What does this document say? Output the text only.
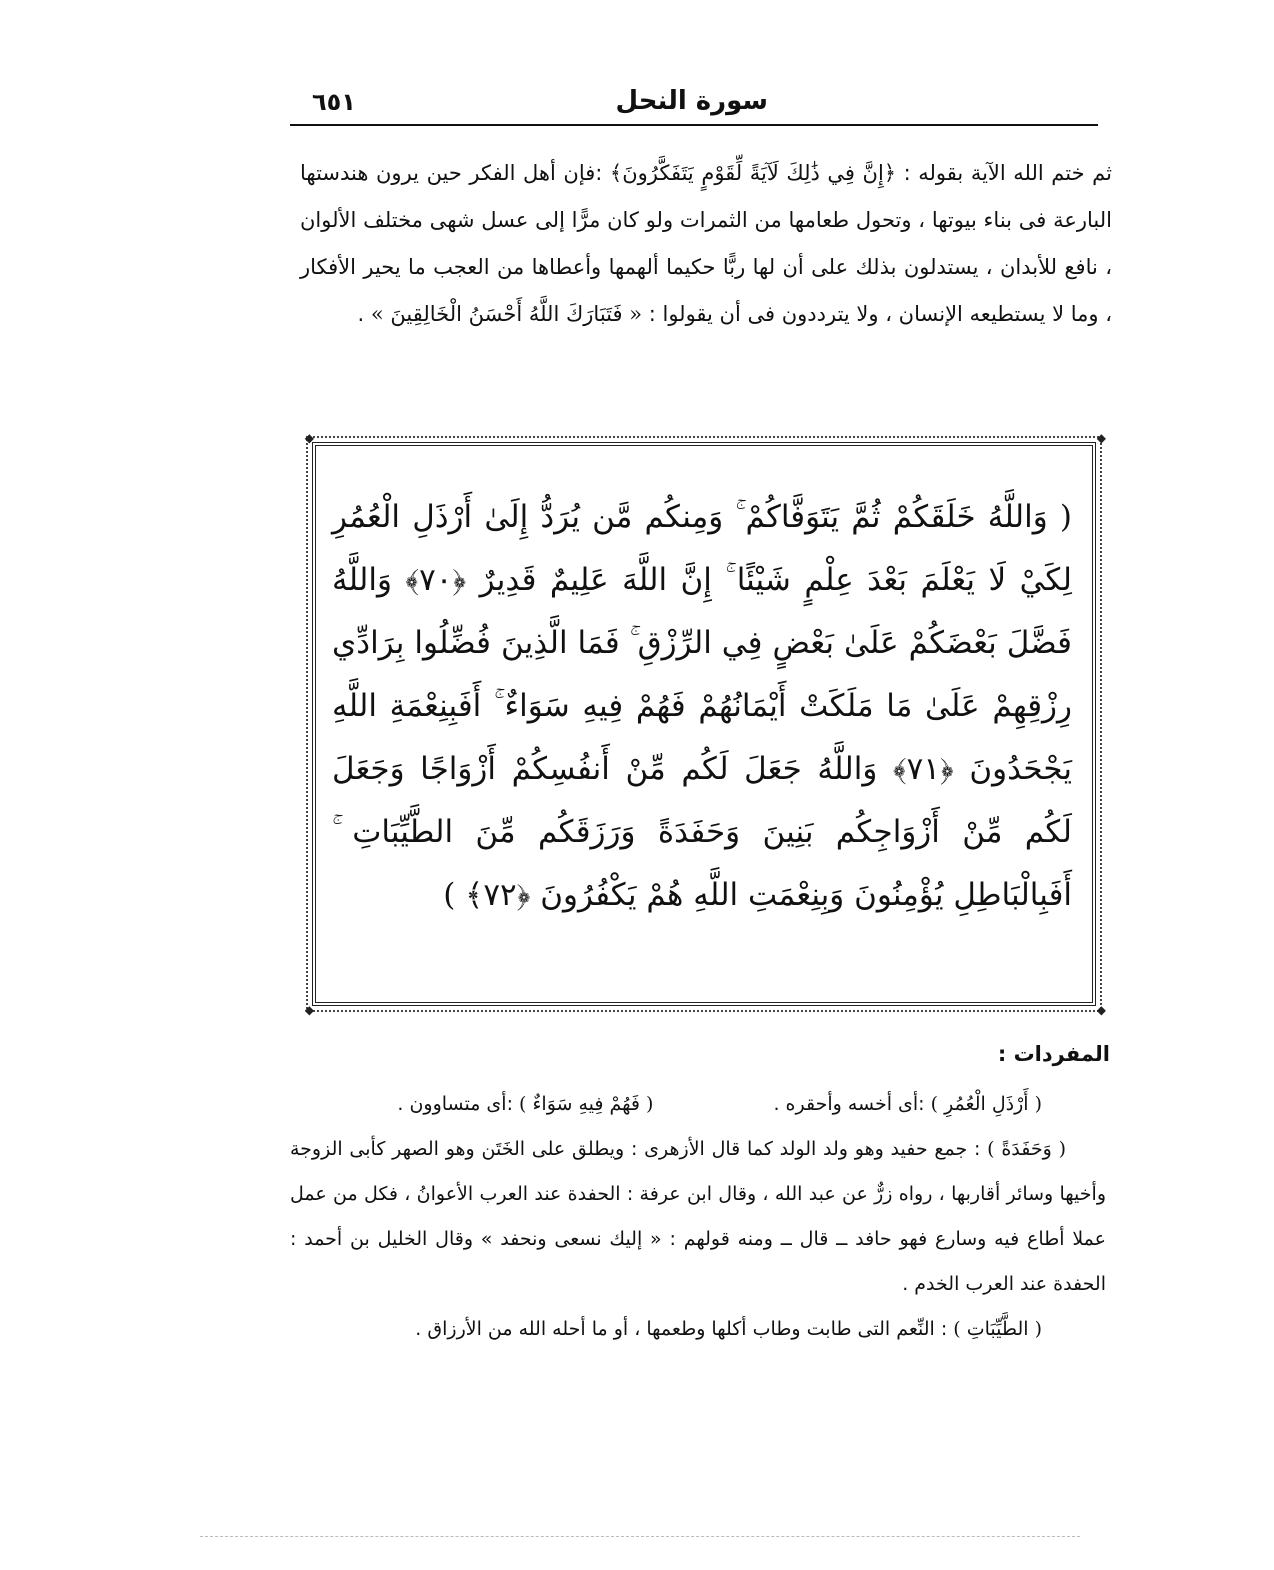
سورة النحل
٦٥١
ثم ختم الله الآية بقوله : ﴿إِنَّ فِي ذَٰلِكَ لَآيَةً لِّقَوْمٍ يَتَفَكَّرُونَ﴾ :فإن أهل الفكر حين يرون هندستها البارعة فى بناء بيوتها ، وتحول طعامها من الثمرات ولو كان مرًّا إلى عسل شهى مختلف الألوان ، نافع للأبدان ، يستدلون بذلك على أن لها ربًّا حكيما ألهمها وأعطاها من العجب ما يحير الأفكار ، وما لا يستطيعه الإنسان ، ولا يترددون فى أن يقولوا : « فَتَبَارَكَ اللَّهُ أَحْسَنُ الْخَالِقِينَ » .
◆
◆
◆
◆
( وَاللَّهُ خَلَقَكُمْ ثُمَّ يَتَوَفَّاكُمْ ۚ وَمِنكُم مَّن يُرَدُّ إِلَىٰ أَرْذَلِ الْعُمُرِ لِكَيْ لَا يَعْلَمَ بَعْدَ عِلْمٍ شَيْئًا ۚ إِنَّ اللَّهَ عَلِيمٌ قَدِيرٌ ﴿٧٠﴾ وَاللَّهُ فَضَّلَ بَعْضَكُمْ عَلَىٰ بَعْضٍ فِي الرِّزْقِ ۚ فَمَا الَّذِينَ فُضِّلُوا بِرَادِّي رِزْقِهِمْ عَلَىٰ مَا مَلَكَتْ أَيْمَانُهُمْ فَهُمْ فِيهِ سَوَاءٌ ۚ أَفَبِنِعْمَةِ اللَّهِ يَجْحَدُونَ ﴿٧١﴾ وَاللَّهُ جَعَلَ لَكُم مِّنْ أَنفُسِكُمْ أَزْوَاجًا وَجَعَلَ لَكُم مِّنْ أَزْوَاجِكُم بَنِينَ وَحَفَدَةً وَرَزَقَكُم مِّنَ الطَّيِّبَاتِ ۚ أَفَبِالْبَاطِلِ يُؤْمِنُونَ وَبِنِعْمَتِ اللَّهِ هُمْ يَكْفُرُونَ ﴿٧٢﴾ )
المفردات :
( أَرْذَلِ الْعُمُرِ ) :أى أخسه وأحقره .
( فَهُمْ فِيهِ سَوَاءٌ ) :أى متساوون .
( وَحَفَدَةً ) : جمع حفيد وهو ولد الولد كما قال الأزهرى : ويطلق على الخَتَن وهو الصهر كأبى الزوجة وأخيها وسائر أقاربها ، رواه زرٌّ عن عبد الله ، وقال ابن عرفة : الحفدة عند العرب الأعوانُ ، فكل من عمل عملا أطاع فيه وسارع فهو حافد ــ قال ــ ومنه قولهم : « إليك نسعى ونحفد » وقال الخليل بن أحمد : الحفدة عند العرب الخدم .
( الطَّيِّبَاتِ ) : النِّعم التى طابت وطاب أكلها وطعمها ، أو ما أحله الله من الأرزاق .
